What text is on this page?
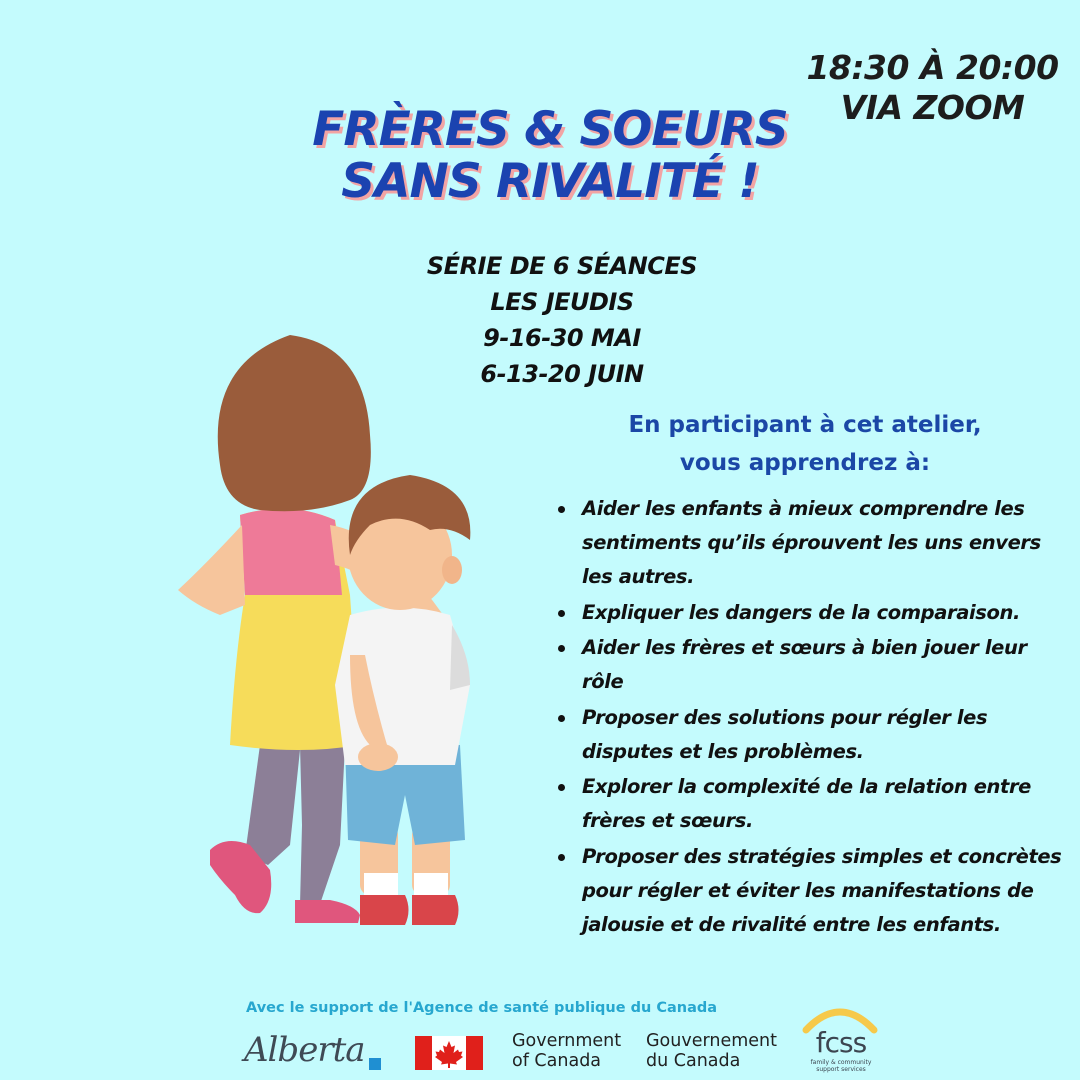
18:30 À 20:00
VIA ZOOM
FRÈRES & SOEURS
SANS RIVALITÉ !
SÉRIE DE 6 SÉANCES
LES JEUDIS
9-16-30 MAI
6-13-20 JUIN
En participant à cet atelier,
vous apprendrez à:
Aider les enfants à mieux comprendre les sentiments qu’ils éprouvent les uns envers les autres.
Expliquer les dangers de la comparaison.
Aider les frères et sœurs à bien jouer leur rôle
Proposer des solutions pour régler les disputes et les problèmes.
Explorer la complexité de la relation entre frères et sœurs.
Proposer des stratégies simples et concrètes pour régler et éviter les manifestations de jalousie et de rivalité entre les enfants.
Avec le support de l'Agence de santé publique du Canada
Alberta	Government
of Canada
Gouvernement
du Canada
fcss
family & community
support services
